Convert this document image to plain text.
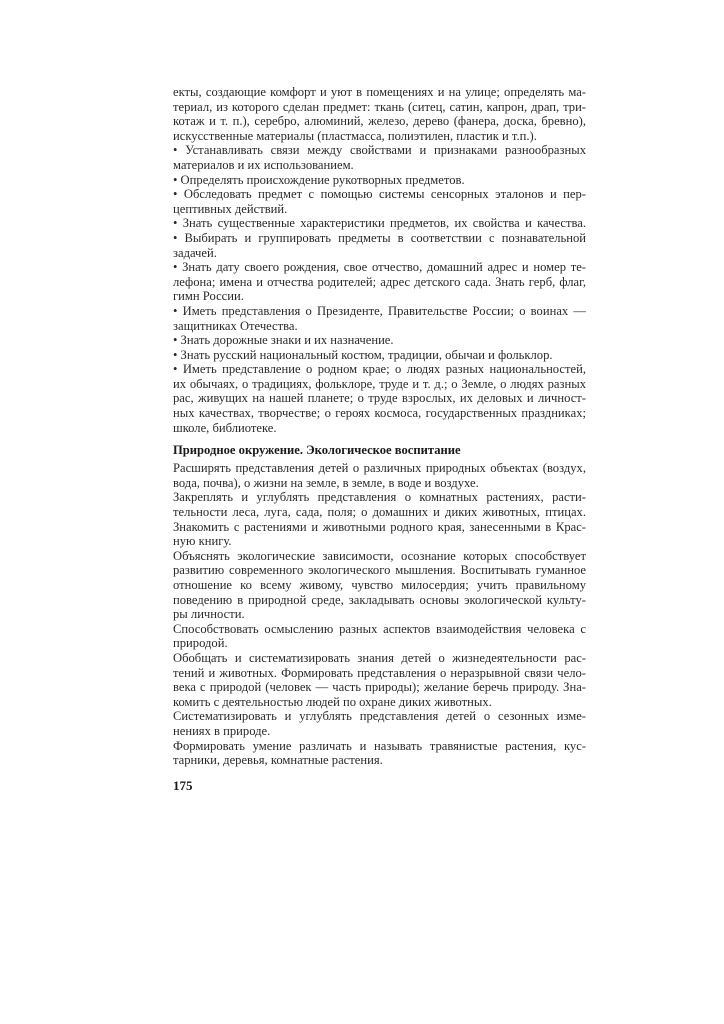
екты, создающие комфорт и уют в помещениях и на улице; определять ма-
териал, из которого сделан предмет: ткань (ситец, сатин, капрон, драп, три-
котаж и т. п.), серебро, алюминий, железо, дерево (фанера, доска, бревно),
искусственные материалы (пластмасса, полиэтилен, пластик и т.п.).
• Устанавливать связи между свойствами и признаками разнообразных
материалов и их использованием.
• Определять происхождение рукотворных предметов.
• Обследовать предмет с помощью системы сенсорных эталонов и пер-
цептивных действий.
• Знать существенные характеристики предметов, их свойства и качества.
• Выбирать и группировать предметы в соответствии с познавательной
задачей.
• Знать дату своего рождения, свое отчество, домашний адрес и номер те-
лефона; имена и отчества родителей; адрес детского сада. Знать герб, флаг,
гимн России.
• Иметь представления о Президенте, Правительстве России; о воинах —
защитниках Отечества.
• Знать дорожные знаки и их назначение.
• Знать русский национальный костюм, традиции, обычаи и фольклор.
• Иметь представление о родном крае; о людях разных национальностей,
их обычаях, о традициях, фольклоре, труде и т. д.; о Земле, о людях разных
рас, живущих на нашей планете; о труде взрослых, их деловых и личност-
ных качествах, творчестве; о героях космоса, государственных праздниках;
школе, библиотеке.
Природное окружение. Экологическое воспитание
Расширять представления детей о различных природных объектах (воздух,
вода, почва), о жизни на земле, в земле, в воде и воздухе.
Закреплять и углублять представления о комнатных растениях, расти-
тельности леса, луга, сада, поля; о домашних и диких животных, птицах.
Знакомить с растениями и животными родного края, занесенными в Крас-
ную книгу.
Объяснять экологические зависимости, осознание которых способствует
развитию современного экологического мышления. Воспитывать гуманное
отношение ко всему живому, чувство милосердия; учить правильному
поведению в природной среде, закладывать основы экологической культу-
ры личности.
Способствовать осмыслению разных аспектов взаимодействия человека с
природой.
Обобщать и систематизировать знания детей о жизнедеятельности рас-
тений и животных. Формировать представления о неразрывной связи чело-
века с природой (человек — часть природы); желание беречь природу. Зна-
комить с деятельностью людей по охране диких животных.
Систематизировать и углублять представления детей о сезонных изме-
нениях в природе.
Формировать умение различать и называть травянистые растения, кус-
тарники, деревья, комнатные растения.
175
